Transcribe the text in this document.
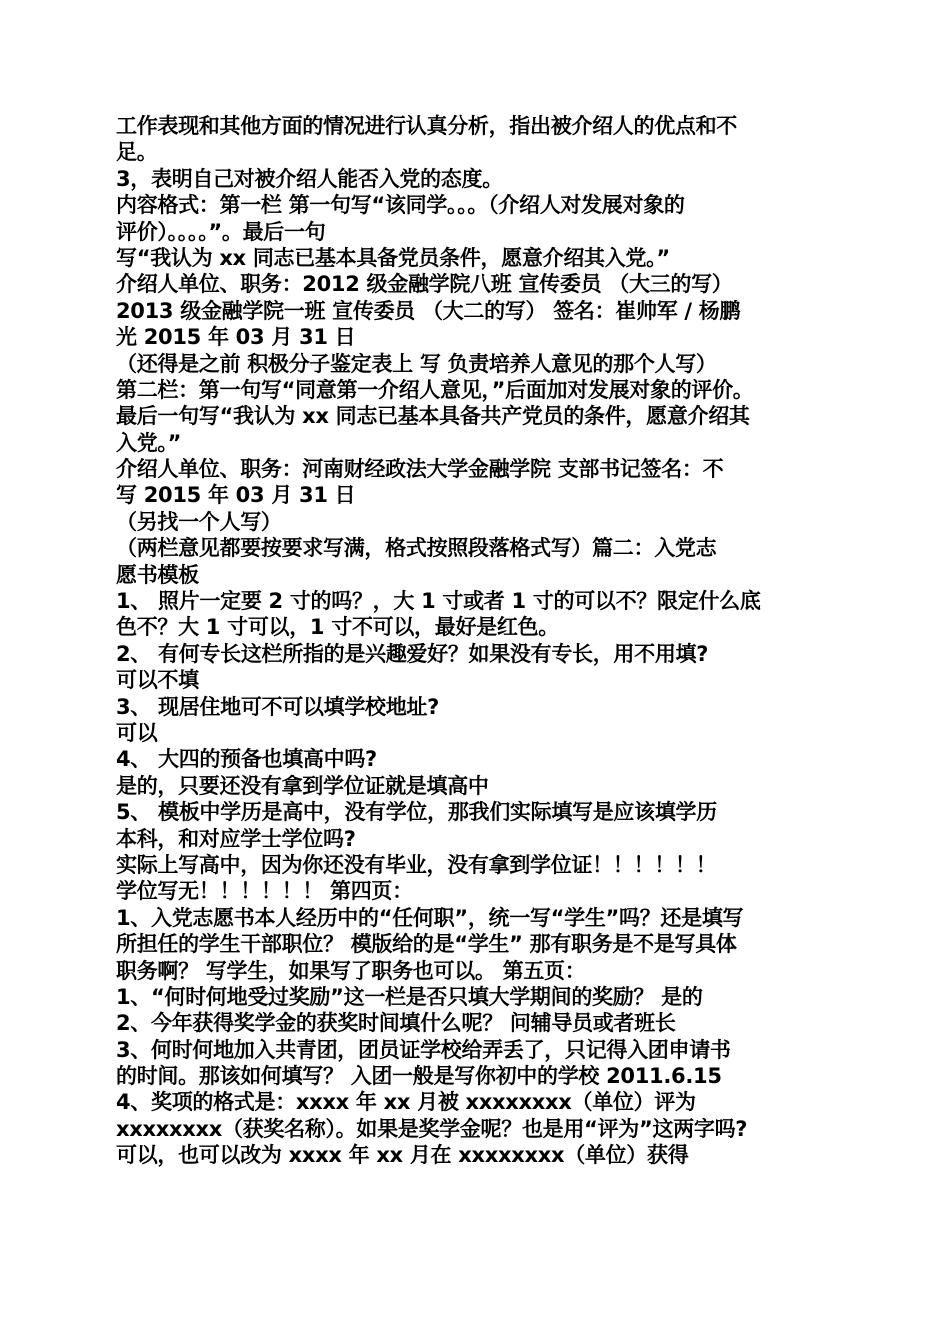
工作表现和其他方面的情况进行认真分析，指出被介绍人的优点和不
足。
3，表明自己对被介绍人能否入党的态度。
内容格式：第一栏 第一句写“该同学。。。（介绍人对发展对象的
评价）。。。。”。最后一句
写“我认为 xx 同志已基本具备党员条件，愿意介绍其入党。”
介绍人单位、职务：2012 级金融学院八班 宣传委员 （大三的写）
2013 级金融学院一班 宣传委员 （大二的写） 签名：崔帅军 / 杨鹏
光 2015 年 03 月 31 日
（还得是之前 积极分子鉴定表上 写 负责培养人意见的那个人写）
第二栏：第一句写“同意第一介绍人意见，”后面加对发展对象的评价。
最后一句写“我认为 xx 同志已基本具备共产党员的条件，愿意介绍其
入党。”
介绍人单位、职务：河南财经政法大学金融学院 支部书记签名：不
写 2015 年 03 月 31 日
（另找一个人写）
（两栏意见都要按要求写满，格式按照段落格式写）篇二：入党志
愿书模板
1、 照片一定要 2 寸的吗？，大 1 寸或者 1 寸的可以不？限定什么底
色不？大 1 寸可以，1 寸不可以，最好是红色。
2、 有何专长这栏所指的是兴趣爱好？如果没有专长，用不用填?
可以不填
3、 现居住地可不可以填学校地址?
可以
4、 大四的预备也填高中吗?
是的，只要还没有拿到学位证就是填高中
5、 模板中学历是高中，没有学位，那我们实际填写是应该填学历
本科，和对应学士学位吗?
实际上写高中，因为你还没有毕业，没有拿到学位证！！！！！！
学位写无！！！！！！ 第四页：
1、入党志愿书本人经历中的“任何职”，统一写“学生”吗？还是填写
所担任的学生干部职位？ 模版给的是“学生” 那有职务是不是写具体
职务啊？ 写学生，如果写了职务也可以。 第五页：
1、“何时何地受过奖励”这一栏是否只填大学期间的奖励？ 是的
2、今年获得奖学金的获奖时间填什么呢？ 问辅导员或者班长
3、何时何地加入共青团，团员证学校给弄丢了，只记得入团申请书
的时间。那该如何填写？ 入团一般是写你初中的学校 2011.6.15
4、奖项的格式是：xxxx 年 xx 月被 xxxxxxxx（单位）评为
xxxxxxxx（获奖名称）。如果是奖学金呢？也是用“评为”这两字吗?
可以，也可以改为 xxxx 年 xx 月在 xxxxxxxx（单位）获得
